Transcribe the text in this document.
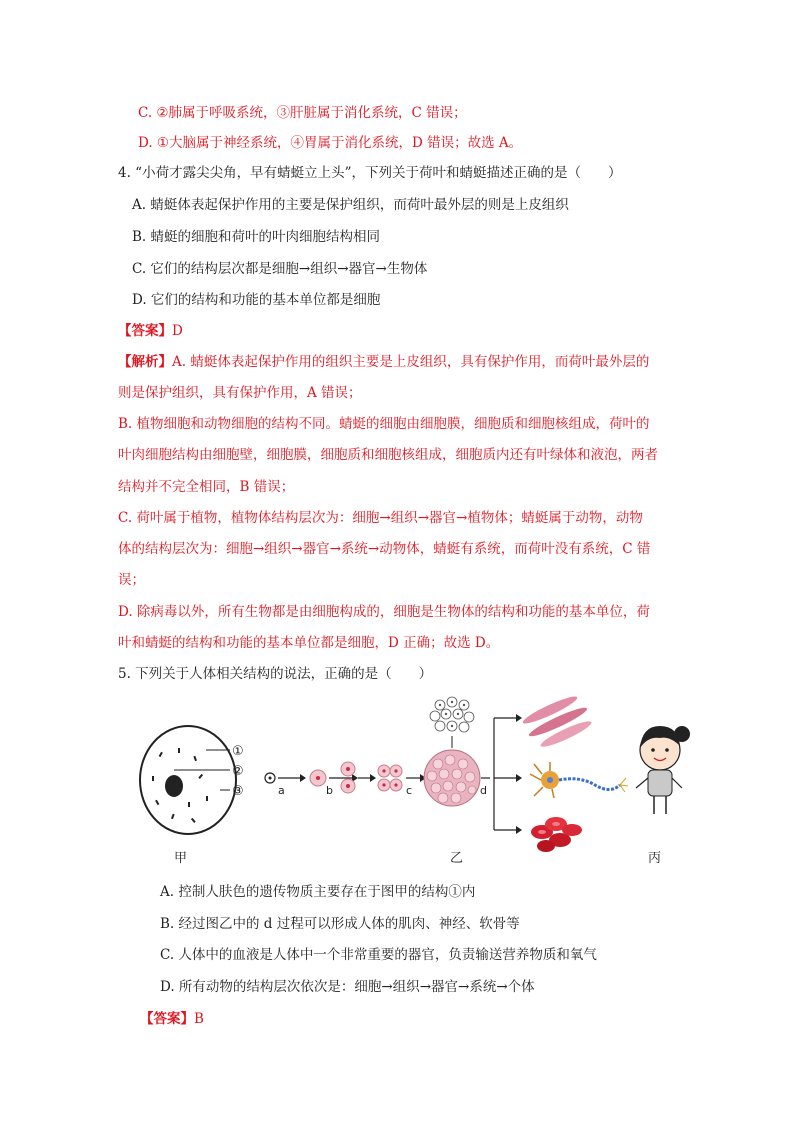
C. ②肺属于呼吸系统，③肝脏属于消化系统，C 错误；
D. ①大脑属于神经系统，④胃属于消化系统，D 错误；故选 A。
4. “小荷才露尖尖角，早有蜻蜓立上头”，下列关于荷叶和蜻蜓描述正确的是（　　）
A. 蜻蜓体表起保护作用的主要是保护组织，而荷叶最外层的则是上皮组织
B. 蜻蜓的细胞和荷叶的叶肉细胞结构相同
C. 它们的结构层次都是细胞→组织→器官→生物体
D. 它们的结构和功能的基本单位都是细胞
【答案】D
【解析】A. 蜻蜓体表起保护作用的组织主要是上皮组织，具有保护作用，而荷叶最外层的
则是保护组织，具有保护作用，A 错误；
B. 植物细胞和动物细胞的结构不同。蜻蜓的细胞由细胞膜，细胞质和细胞核组成，荷叶的
叶肉细胞结构由细胞壁，细胞膜，细胞质和细胞核组成，细胞质内还有叶绿体和液泡，两者
结构并不完全相同，B 错误；
C. 荷叶属于植物，植物体结构层次为：细胞→组织→器官→植物体；蜻蜓属于动物，动物
体的结构层次为：细胞→组织→器官→系统→动物体，蜻蜓有系统，而荷叶没有系统，C 错
误；
D. 除病毒以外，所有生物都是由细胞构成的，细胞是生物体的结构和功能的基本单位，荷
叶和蜻蜓的结构和功能的基本单位都是细胞，D 正确；故选 D。
5. 下列关于人体相关结构的说法，正确的是（　　）
①
②
③	a	b	c	d
甲	乙	丙
A. 控制人肤色的遗传物质主要存在于图甲的结构①内
B. 经过图乙中的 d 过程可以形成人体的肌肉、神经、软骨等
C. 人体中的血液是人体中一个非常重要的器官，负责输送营养物质和氧气
D. 所有动物的结构层次依次是：细胞→组织→器官→系统→个体
【答案】B
